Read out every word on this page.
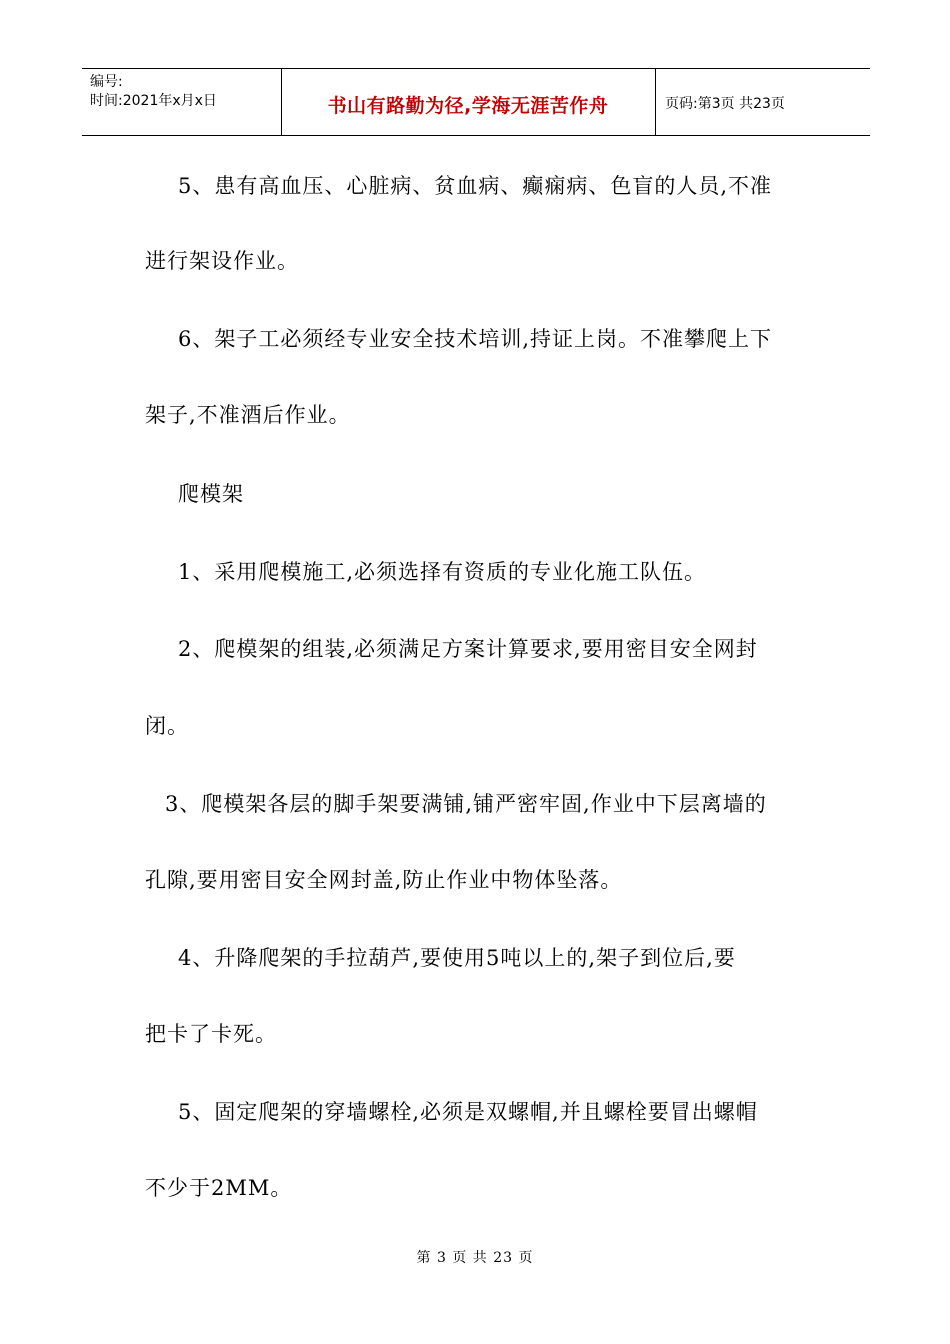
编号:
时间:2021年x月x日	书山有路勤为径,学海无涯苦作舟	页码:第3页 共23页
5、患有高血压、心脏病、贫血病、癫痫病、色盲的人员,不准
进行架设作业。
6、架子工必须经专业安全技术培训,持证上岗。不准攀爬上下
架子,不准酒后作业。
爬模架
1、采用爬模施工,必须选择有资质的专业化施工队伍。
2、爬模架的组装,必须满足方案计算要求,要用密目安全网封
闭。
3、爬模架各层的脚手架要满铺,铺严密牢固,作业中下层离墙的
孔隙,要用密目安全网封盖,防止作业中物体坠落。
4、升降爬架的手拉葫芦,要使用5吨以上的,架子到位后,要
把卡了卡死。
5、固定爬架的穿墙螺栓,必须是双螺帽,并且螺栓要冒出螺帽
不少于2MM。
第 3 页 共 23 页
